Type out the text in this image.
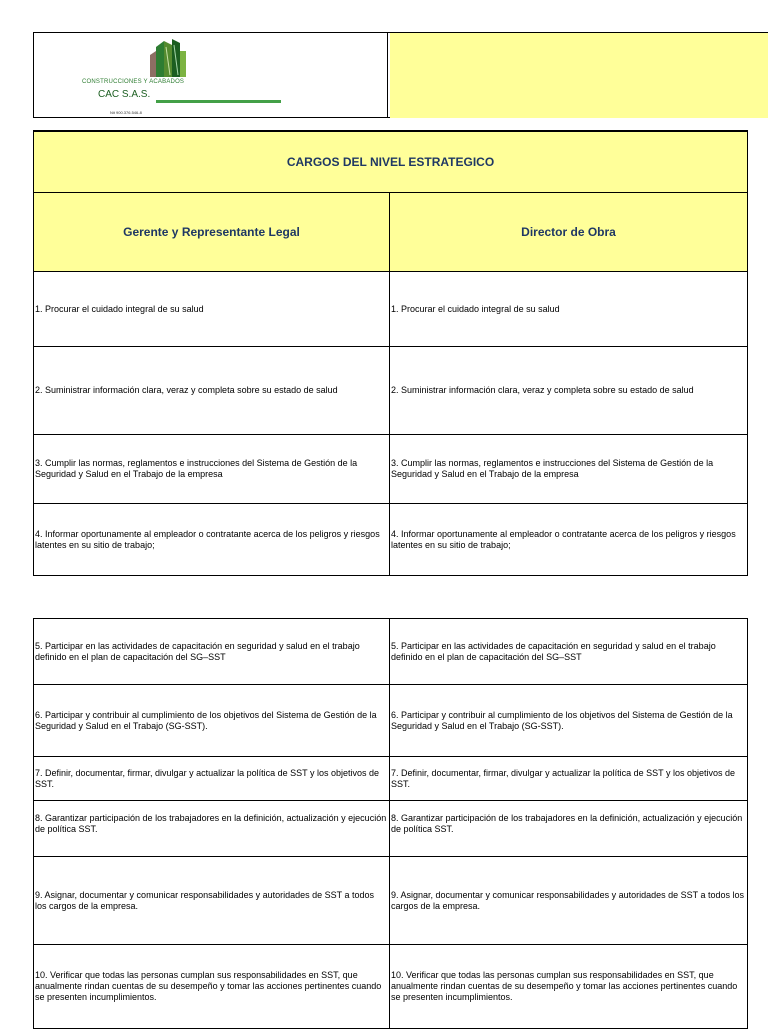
CONSTRUCCIONES Y ACABADOS
CAC S.A.S.
Nit 900.376.546-8
CARGOS DEL NIVEL ESTRATEGICO	
Gerente y Representante Legal	Director de Obra
1. Procurar el cuidado integral de su salud	1. Procurar el cuidado integral de su salud
2. Suministrar información clara, veraz y completa sobre su estado de salud	2. Suministrar información clara, veraz y completa sobre su estado de salud
3. Cumplir las normas, reglamentos e instrucciones del Sistema de Gestión de la Seguridad y Salud en el Trabajo de la empresa	3. Cumplir las normas, reglamentos e instrucciones del Sistema de Gestión de la Seguridad y Salud en el Trabajo de la empresa
4. Informar oportunamente al empleador o contratante acerca de los peligros y riesgos latentes en su sitio de trabajo;	4. Informar oportunamente al empleador o contratante acerca de los peligros y riesgos latentes en su sitio de trabajo;
5. Participar en las actividades de capacitación en seguridad y salud en el trabajo definido en el plan de capacitación del SG–SST	5. Participar en las actividades de capacitación en seguridad y salud en el trabajo definido en el plan de capacitación del SG–SST
6. Participar y contribuir al cumplimiento de los objetivos del Sistema de Gestión de la Seguridad y Salud en el Trabajo (SG-SST).	6. Participar y contribuir al cumplimiento de los objetivos del Sistema de Gestión de la Seguridad y Salud en el Trabajo (SG-SST).
7. Definir, documentar, firmar, divulgar y actualizar la política de SST y los objetivos de SST.	7. Definir, documentar, firmar, divulgar y actualizar la política de SST y los objetivos de SST.
8. Garantizar participación de los trabajadores en la definición, actualización y ejecución de política SST.	8. Garantizar participación de los trabajadores en la definición, actualización y ejecución de política SST.
9. Asignar, documentar y comunicar responsabilidades y autoridades de SST a todos los cargos de la empresa.	9. Asignar, documentar y comunicar responsabilidades y autoridades de SST a todos los cargos de la empresa.
10. Verificar que todas las personas cumplan sus responsabilidades en SST, que anualmente rindan cuentas de su desempeño y tomar las acciones pertinentes cuando se presenten incumplimientos.	10. Verificar que todas las personas cumplan sus responsabilidades en SST, que anualmente rindan cuentas de su desempeño y tomar las acciones pertinentes cuando se presenten incumplimientos.
